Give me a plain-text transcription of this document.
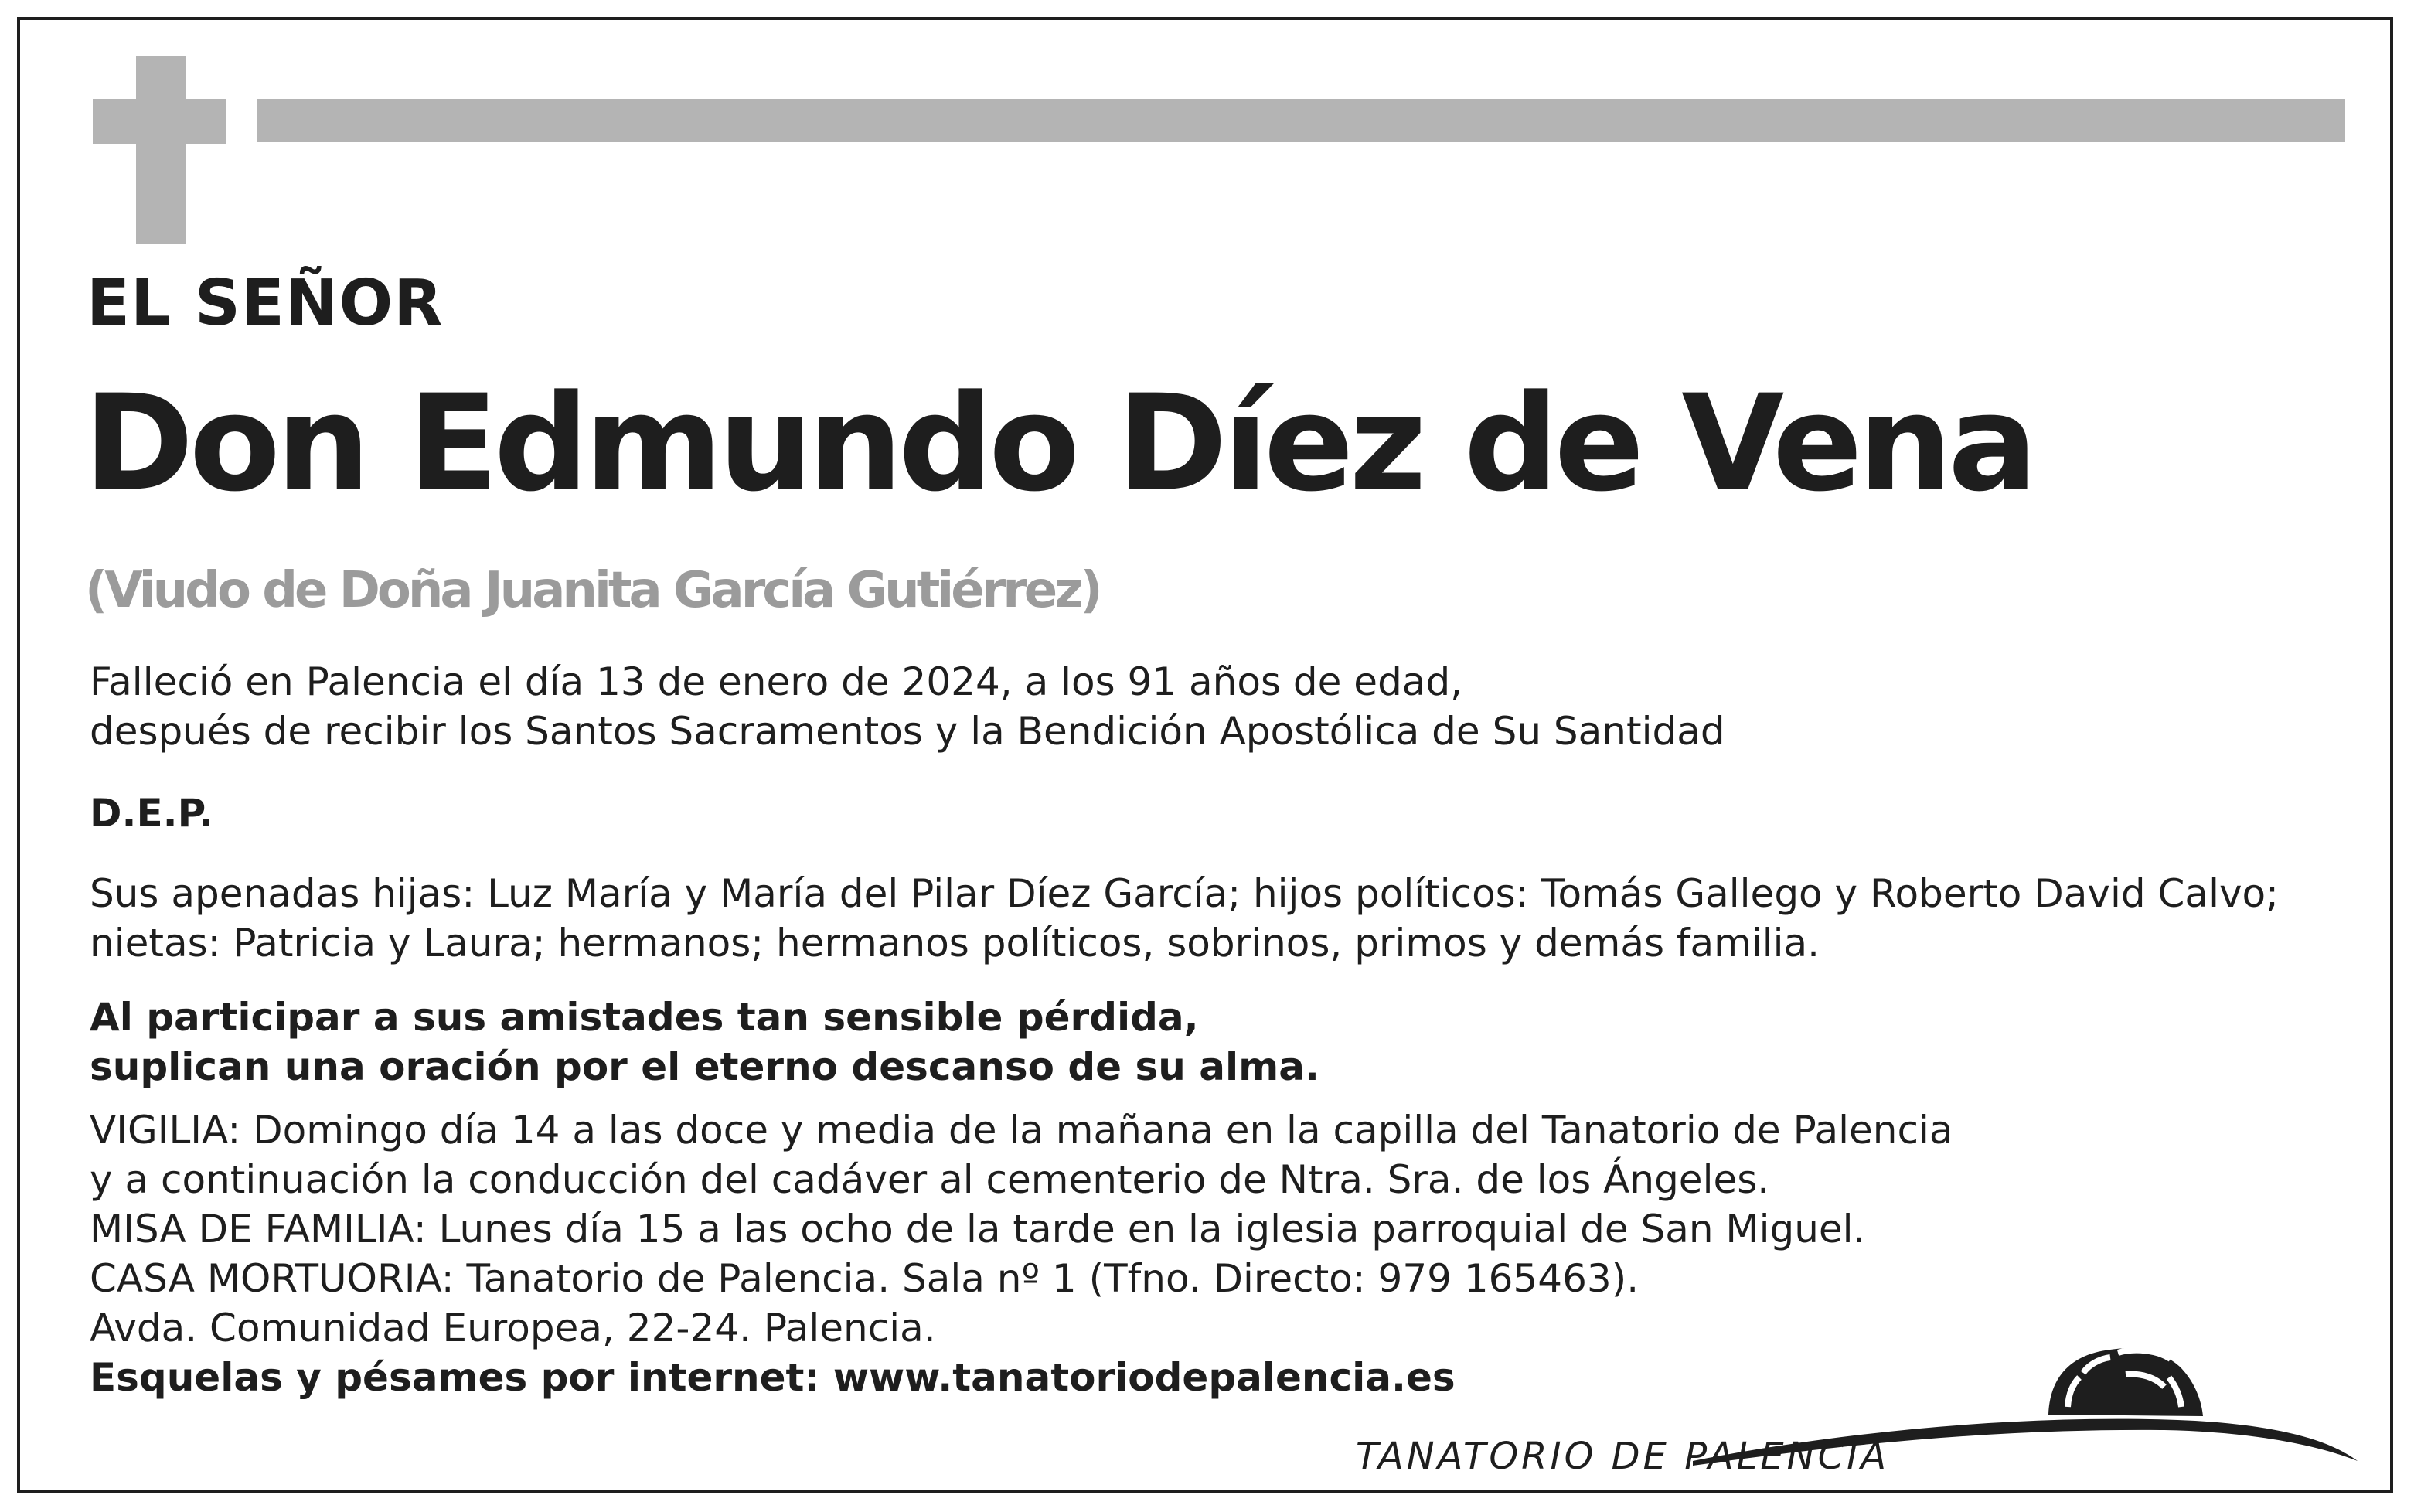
EL SEÑOR
Don Edmundo Díez de Vena
(Viudo de Doña Juanita García Gutiérrez)
Falleció en Palencia el día 13 de enero de 2024, a los 91 años de edad,
después de recibir los Santos Sacramentos y la Bendición Apostólica de Su Santidad
D.E.P.
Sus apenadas hijas: Luz María y María del Pilar Díez García; hijos políticos: Tomás Gallego y Roberto David Calvo;
nietas: Patricia y Laura; hermanos; hermanos políticos, sobrinos, primos y demás familia.
Al participar a sus amistades tan sensible pérdida,
suplican una oración por el eterno descanso de su alma.
VIGILIA: Domingo día 14 a las doce y media de la mañana en la capilla del Tanatorio de Palencia
y a continuación la conducción del cadáver al cementerio de Ntra. Sra. de los Ángeles.
MISA DE FAMILIA: Lunes día 15 a las ocho de la tarde en la iglesia parroquial de San Miguel.
CASA MORTUORIA: Tanatorio de Palencia. Sala nº 1 (Tfno. Directo: 979 165463).
Avda. Comunidad Europea, 22-24. Palencia.
Esquelas y pésames por internet: www.tanatoriodepalencia.es
TANATORIO DE PALENCIA
